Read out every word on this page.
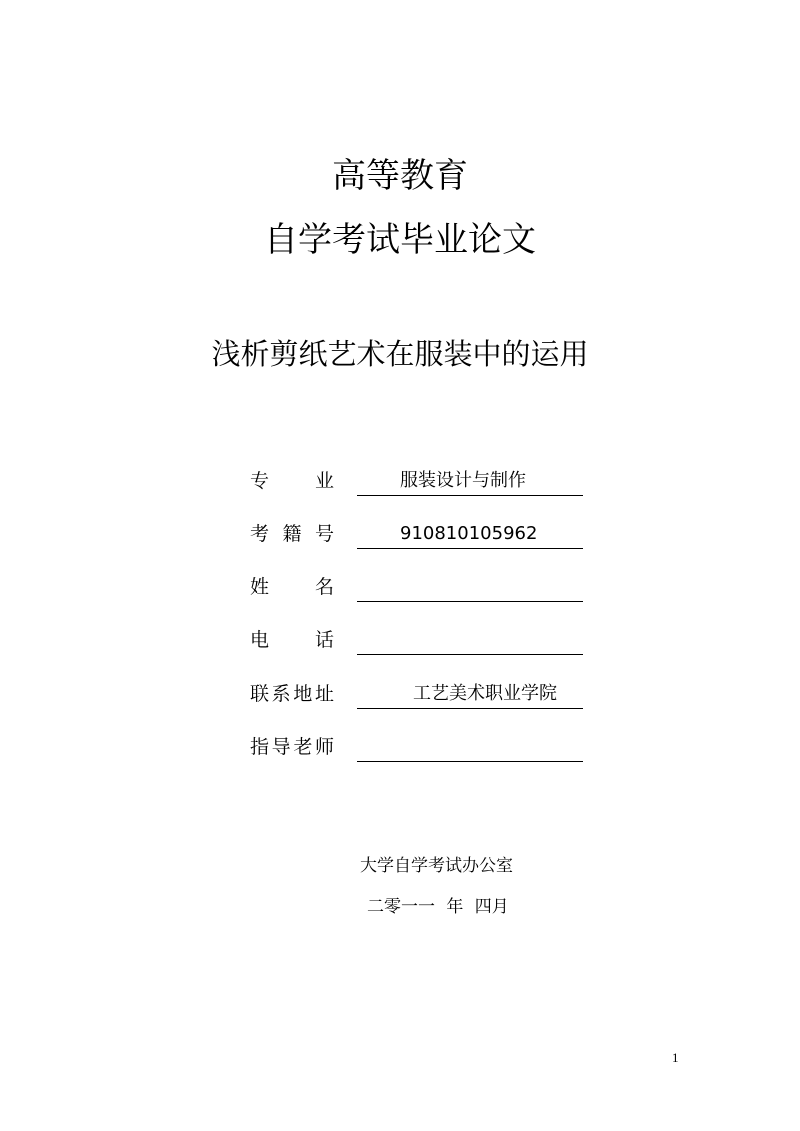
高等教育
自学考试毕业论文
浅析剪纸艺术在服装中的运用
专 业	服装设计与制作
考 籍 号	910810105962
姓 名
电 话
联 系 地 址	工艺美术职业学院
指 导 老 师
大学自学考试办公室
二零一一 年 四月
1
